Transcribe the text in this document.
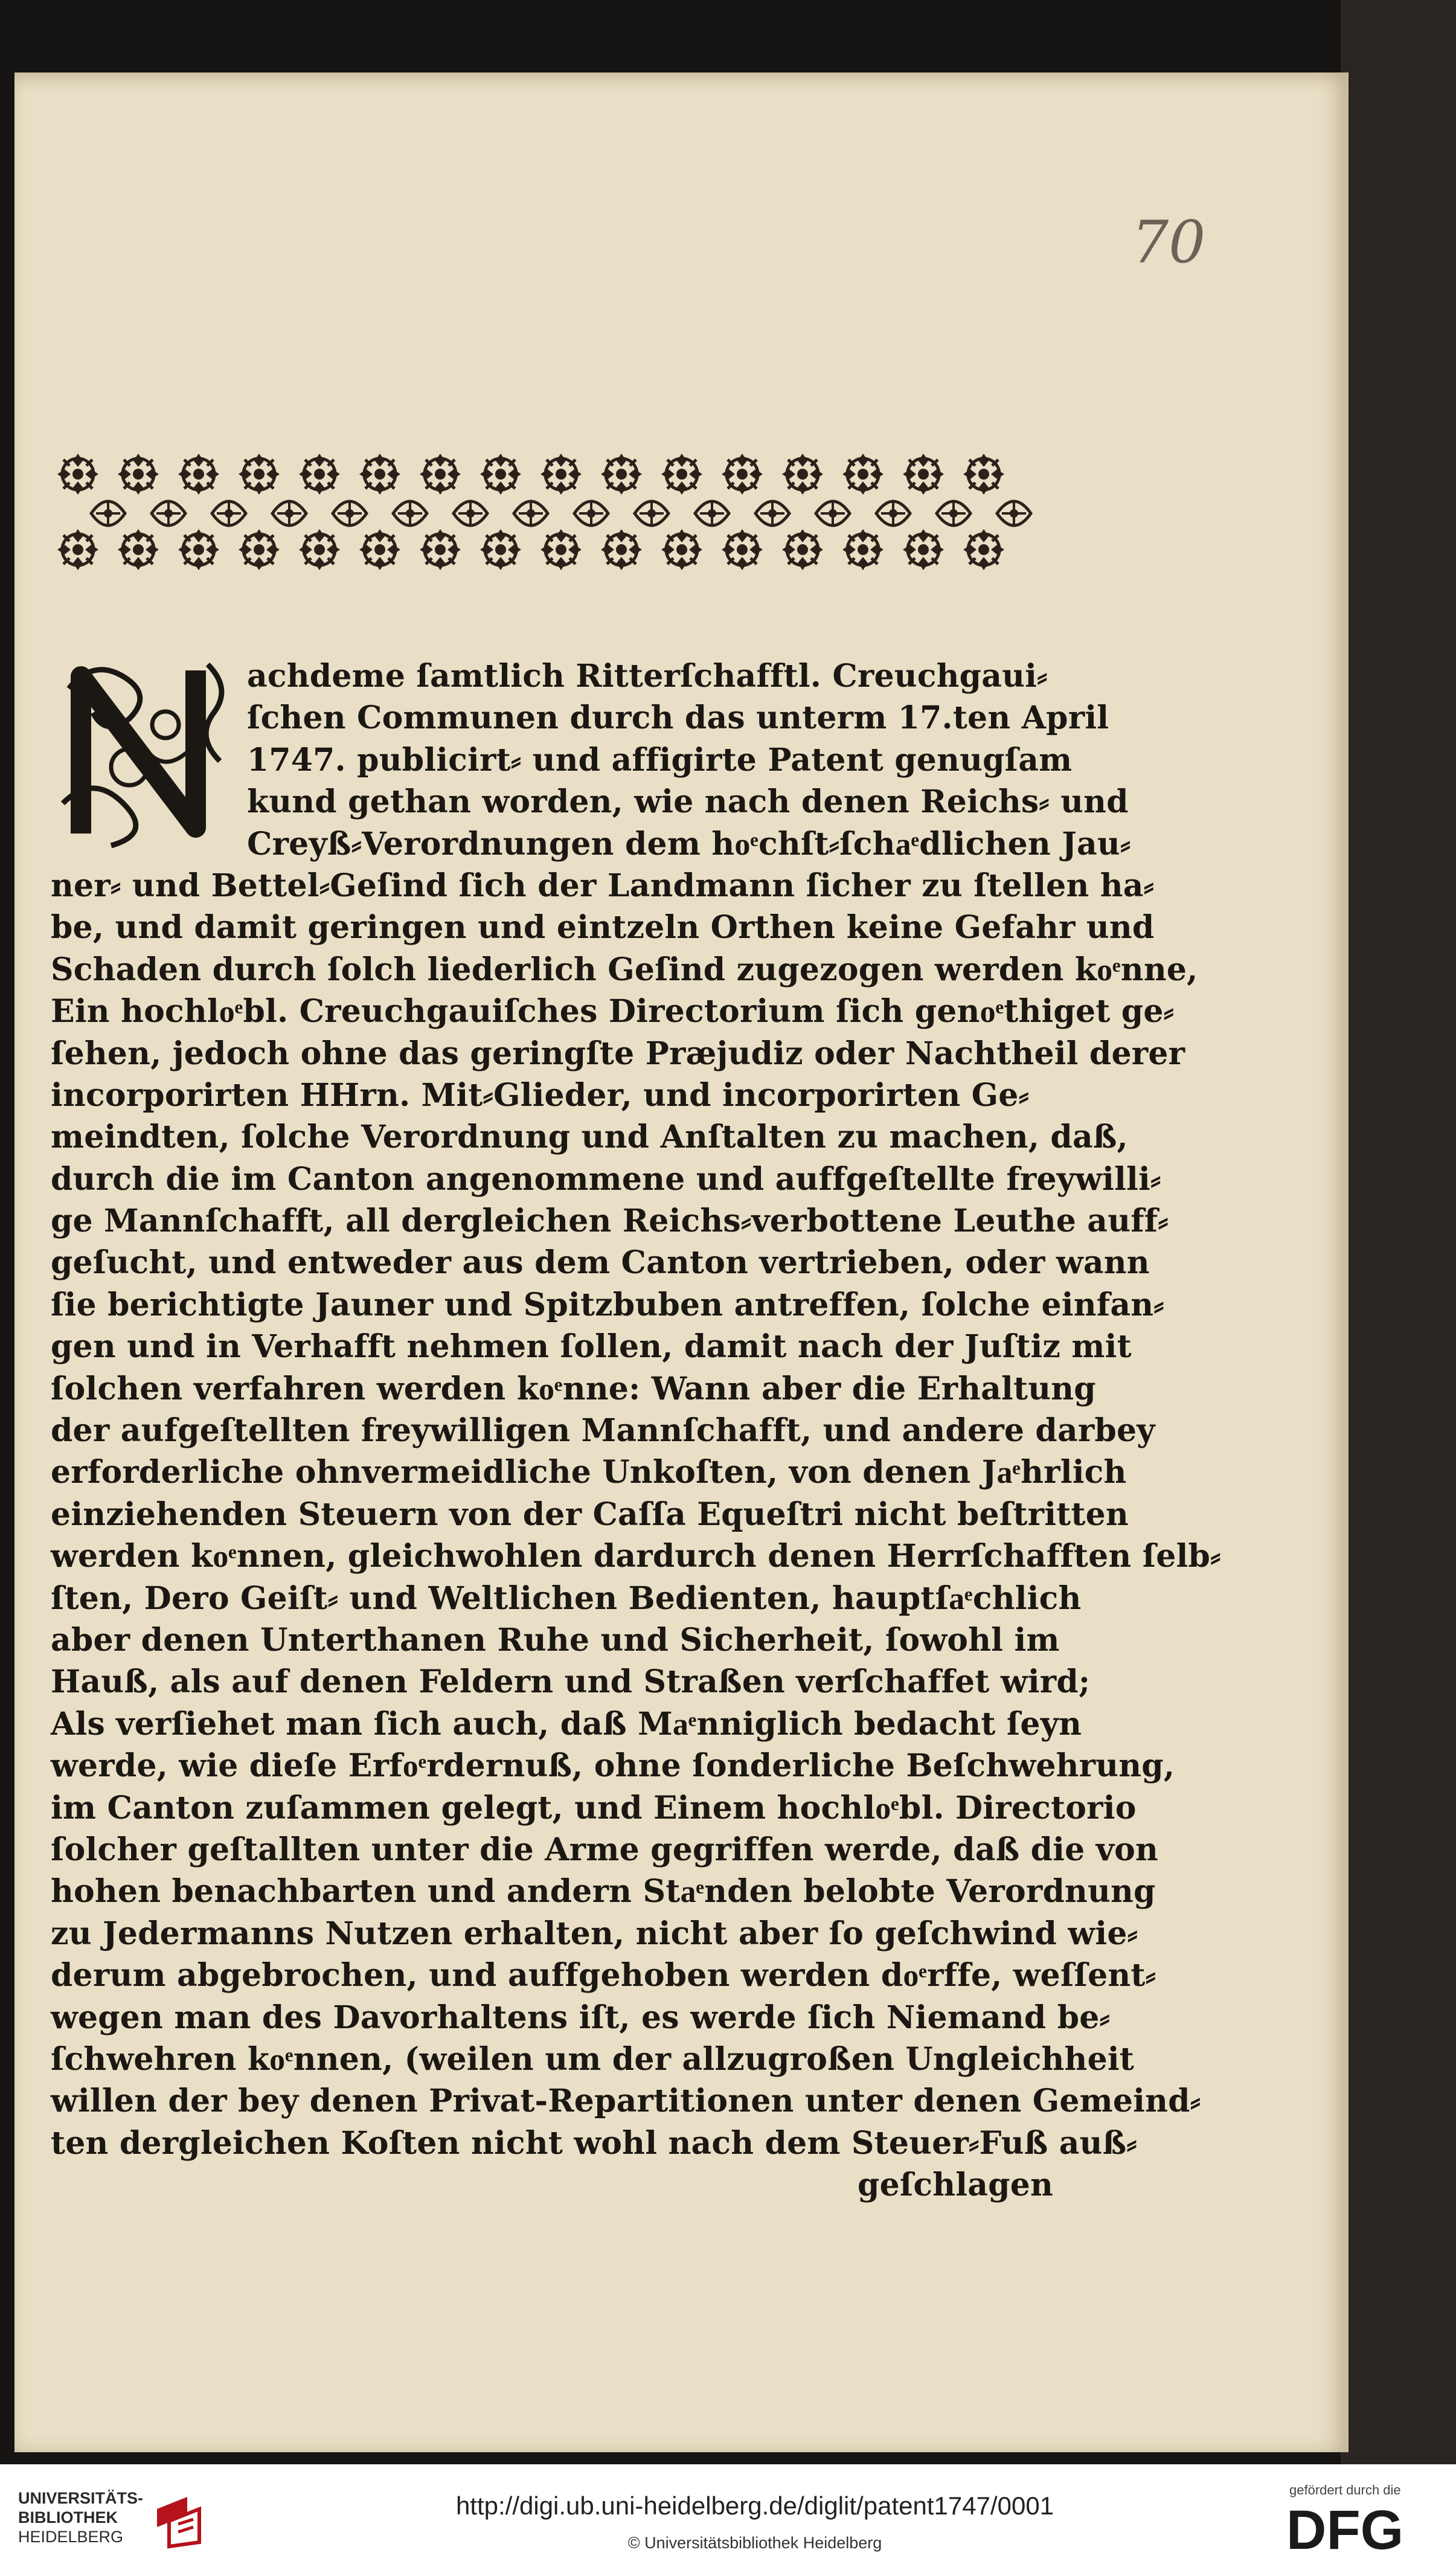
70
achdeme ſamtlich Ritterſchafftl. Creuchgaui⸗
ſchen Communen durch das unterm 17.ten April
1747. publicirt⸗ und affigirte Patent genugſam
kund gethan worden, wie nach denen Reichs⸗ und
Creyß⸗Verordnungen dem hoͤchſt⸗ſchaͤdlichen Jau⸗
ner⸗ und Bettel⸗Geſind ſich der Landmann ſicher zu ſtellen ha⸗
be, und damit geringen und eintzeln Orthen keine Gefahr und
Schaden durch ſolch liederlich Geſind zugezogen werden koͤnne,
Ein hochloͤbl. Creuchgauiſches Directorium ſich genoͤthiget ge⸗
ſehen, jedoch ohne das geringſte Præjudiz oder Nachtheil derer
incorporirten HHrn. Mit⸗Glieder, und incorporirten Ge⸗
meindten, ſolche Verordnung und Anſtalten zu machen, daß,
durch die im Canton angenommene und auffgeſtellte freywilli⸗
ge Mannſchafft, all dergleichen Reichs⸗verbottene Leuthe auff⸗
geſucht, und entweder aus dem Canton vertrieben, oder wann
ſie berichtigte Jauner und Spitzbuben antreffen, ſolche einfan⸗
gen und in Verhafft nehmen ſollen, damit nach der Juſtiz mit
ſolchen verfahren werden koͤnne: Wann aber die Erhaltung
der aufgeſtellten freywilligen Mannſchafft, und andere darbey
erforderliche ohnvermeidliche Unkoſten, von denen Jaͤhrlich
einziehenden Steuern von der Caſſa Equeſtri nicht beſtritten
werden koͤnnen, gleichwohlen dardurch denen Herrſchafften ſelb⸗
ſten, Dero Geiſt⸗ und Weltlichen Bedienten, hauptſaͤchlich
aber denen Unterthanen Ruhe und Sicherheit, ſowohl im
Hauß, als auf denen Feldern und Straßen verſchaffet wird;
Als verſiehet man ſich auch, daß Maͤnniglich bedacht ſeyn
werde, wie dieſe Erfoͤrdernuß, ohne ſonderliche Beſchwehrung,
im Canton zuſammen gelegt, und Einem hochloͤbl. Directorio
ſolcher geſtallten unter die Arme gegriffen werde, daß die von
hohen benachbarten und andern Staͤnden belobte Verordnung
zu Jedermanns Nutzen erhalten, nicht aber ſo geſchwind wie⸗
derum abgebrochen, und auffgehoben werden doͤrffe, weſſent⸗
wegen man des Davorhaltens iſt, es werde ſich Niemand be⸗
ſchwehren koͤnnen, (weilen um der allzugroßen Ungleichheit
willen der bey denen Privat-Repartitionen unter denen Gemeind⸗
ten dergleichen Koſten nicht wohl nach dem Steuer⸗Fuß auß⸗
geſchlagen
UNIVERSITÄTS-
BIBLIOTHEK
HEIDELBERG
http://digi.ub.uni-heidelberg.de/diglit/patent1747/0001
© Universitätsbibliothek Heidelberg
gefördert durch die
DFG
